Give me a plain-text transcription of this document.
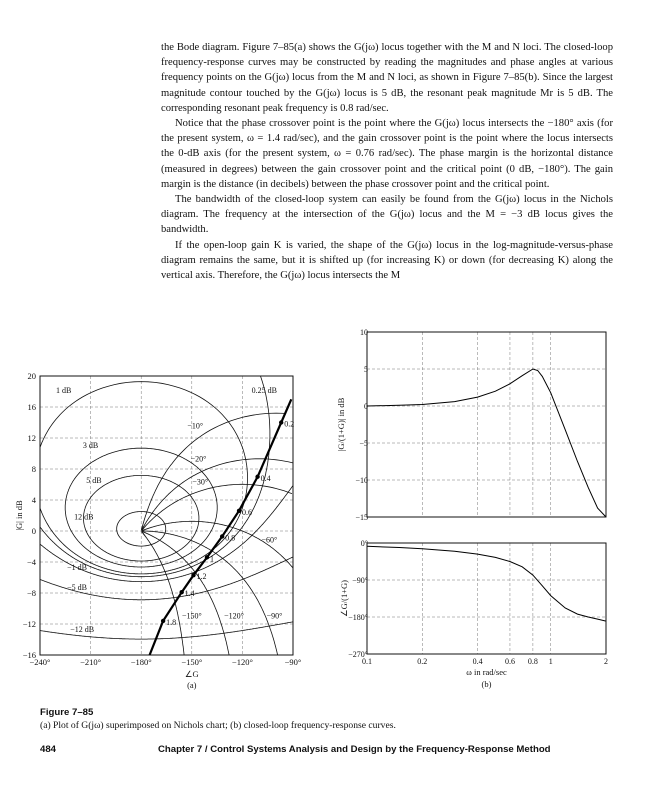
the Bode diagram. Figure 7–85(a) shows the G(jω) locus together with the M and N loci. The closed-loop frequency-response curves may be constructed by reading the magnitudes and phase angles at various frequency points on the G(jω) locus from the M and N loci, as shown in Figure 7–85(b). Since the largest magnitude contour touched by the G(jω) locus is 5 dB, the resonant peak magnitude Mr is 5 dB. The corresponding resonant peak frequency is 0.8 rad/sec.

Notice that the phase crossover point is the point where the G(jω) locus intersects the −180° axis (for the present system, ω = 1.4 rad/sec), and the gain crossover point is the point where the locus intersects the 0-dB axis (for the present system, ω = 0.76 rad/sec). The phase margin is the horizontal distance (measured in degrees) between the gain crossover point and the critical point (0 dB, −180°). The gain margin is the distance (in decibels) between the phase crossover point and the critical point.

The bandwidth of the closed-loop system can easily be found from the G(jω) locus in the Nichols diagram. The frequency at the intersection of the G(jω) locus and the M = −3 dB locus gives the bandwidth.

If the open-loop gain K is varied, the shape of the G(jω) locus in the log-magnitude-versus-phase diagram remains the same, but it is shifted up (for increasing K) or down (for decreasing K) along the vertical axis. Therefore, the G(jω) locus intersects the M

−240°	−210°	−180°	−150°	−120°	−90°
−16
−12
−8
−4
0
4
8
12
16
20
0.25 dB
1 dB
3 dB
5 dB
12 dB
−1 dB
−5 dB
−12 dB
−10°
−20°
−30°
−60°
−150°	−120°	−90°
0.2
0.4
0.6
0.8
1
1.2
1.4
1.8
10
5
0
−5
−10
−15
|G/(1+G)| in dB
0°
−90°
−180°
−270°
0.1	0.2	0.4	0.6 0.8 1	2
∠G/(1+G)
|G| in dB
∠G
(a)
ω in rad/sec
(b)
Figure 7–85
(a) Plot of G(jω) superimposed on Nichols chart; (b) closed-loop frequency-response curves.
484	Chapter 7 / Control Systems Analysis and Design by the Frequency-Response Method
